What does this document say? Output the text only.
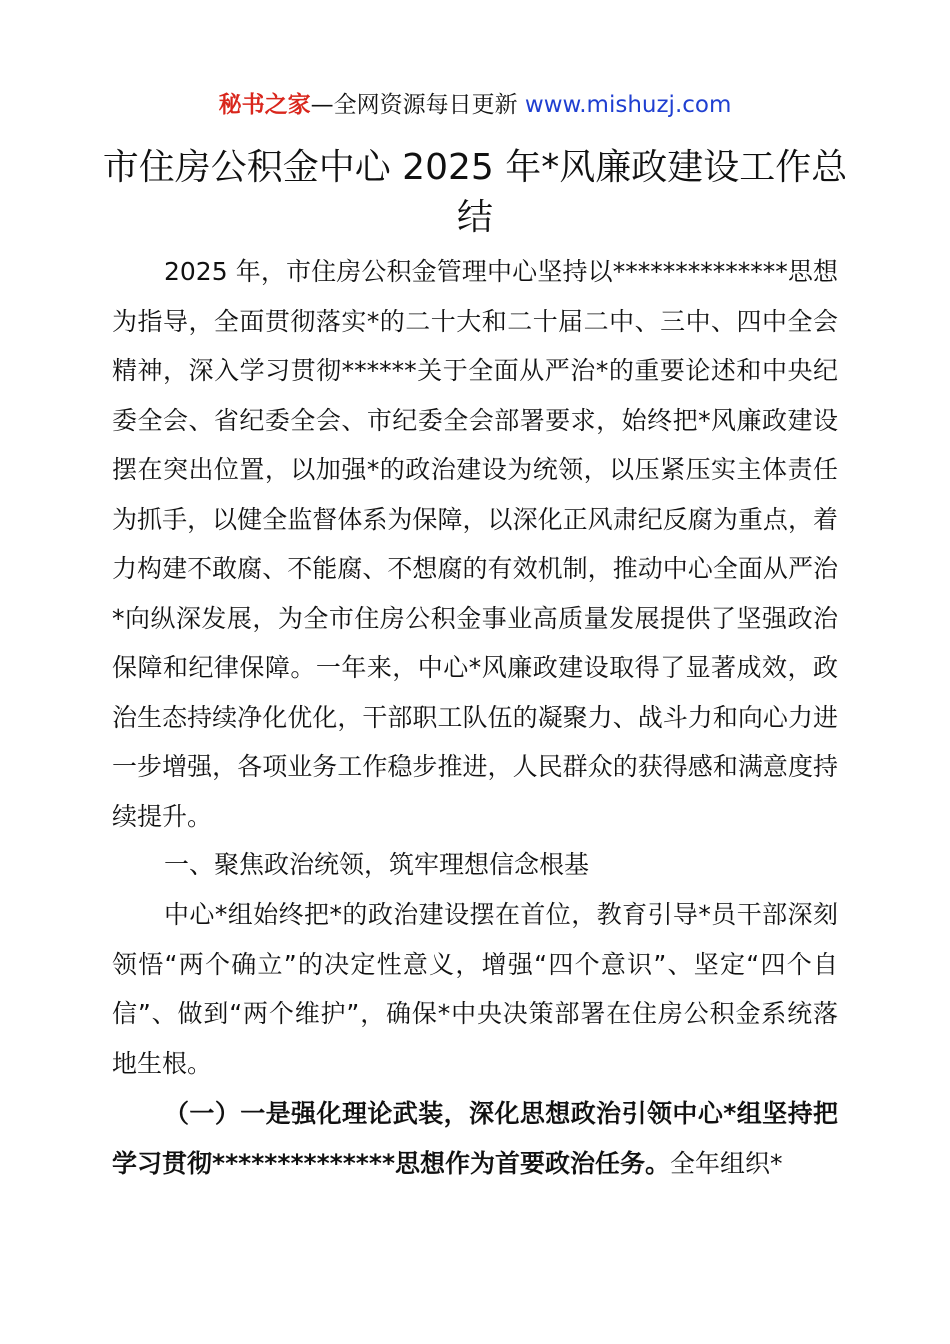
秘书之家—全网资源每日更新 www.mishuzj.com
市住房公积金中心 2025 年*风廉政建设工作总结

2025 年，市住房公积金管理中心坚持以**************思想为指导，全面贯彻落实*的二十大和二十届二中、三中、四中全会精神，深入学习贯彻******关于全面从严治*的重要论述和中央纪委全会、省纪委全会、市纪委全会部署要求，始终把*风廉政建设摆在突出位置，以加强*的政治建设为统领，以压紧压实主体责任为抓手，以健全监督体系为保障，以深化正风肃纪反腐为重点，着力构建不敢腐、不能腐、不想腐的有效机制，推动中心全面从严治*向纵深发展，为全市住房公积金事业高质量发展提供了坚强政治保障和纪律保障。一年来，中心*风廉政建设取得了显著成效，政治生态持续净化优化，干部职工队伍的凝聚力、战斗力和向心力进一步增强，各项业务工作稳步推进，人民群众的获得感和满意度持续提升。

一、聚焦政治统领，筑牢理想信念根基

中心*组始终把*的政治建设摆在首位，教育引导*员干部深刻领悟“两个确立”的决定性意义，增强“四个意识”、坚定“四个自信”、做到“两个维护”，确保*中央决策部署在住房公积金系统落地生根。

（一）一是强化理论武装，深化思想政治引领中心*组坚持把学习贯彻**************思想作为首要政治任务。全年组织*
